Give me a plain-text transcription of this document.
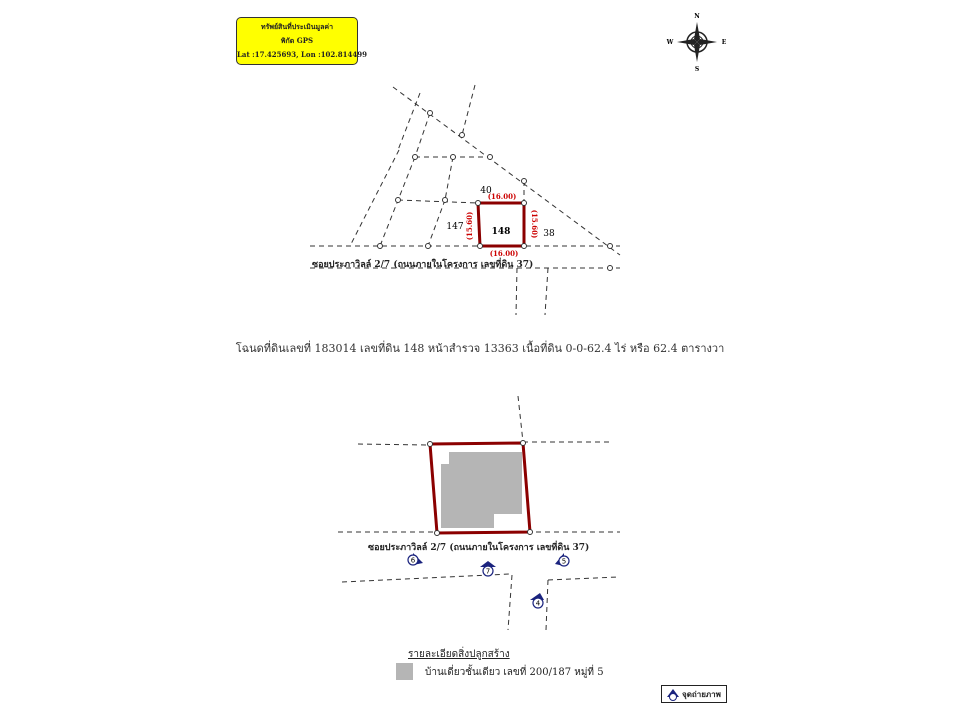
ทรัพย์สินที่ประเมินมูลค่า
พิกัด GPS
Lat :17.425693, Lon :102.814499
N
S
W	E
(16.00)
(16.00)
(15.60)	(15.60)
148
40
147
38
6
7
5
4
ซอยประภาวิลล์ 2/7 (ถนนภายในโครงการ เลขที่ดิน 37)
ซอยประภาวิลล์ 2/7 (ถนนภายในโครงการ เลขที่ดิน 37)
โฉนดที่ดินเลขที่ 183014 เลขที่ดิน 148 หน้าสำรวจ 13363 เนื้อที่ดิน 0-0-62.4 ไร่ หรือ 62.4 ตารางวา
รายละเอียดสิ่งปลูกสร้าง
บ้านเดี่ยวชั้นเดียว เลขที่ 200/187 หมู่ที่ 5
จุดถ่ายภาพ
